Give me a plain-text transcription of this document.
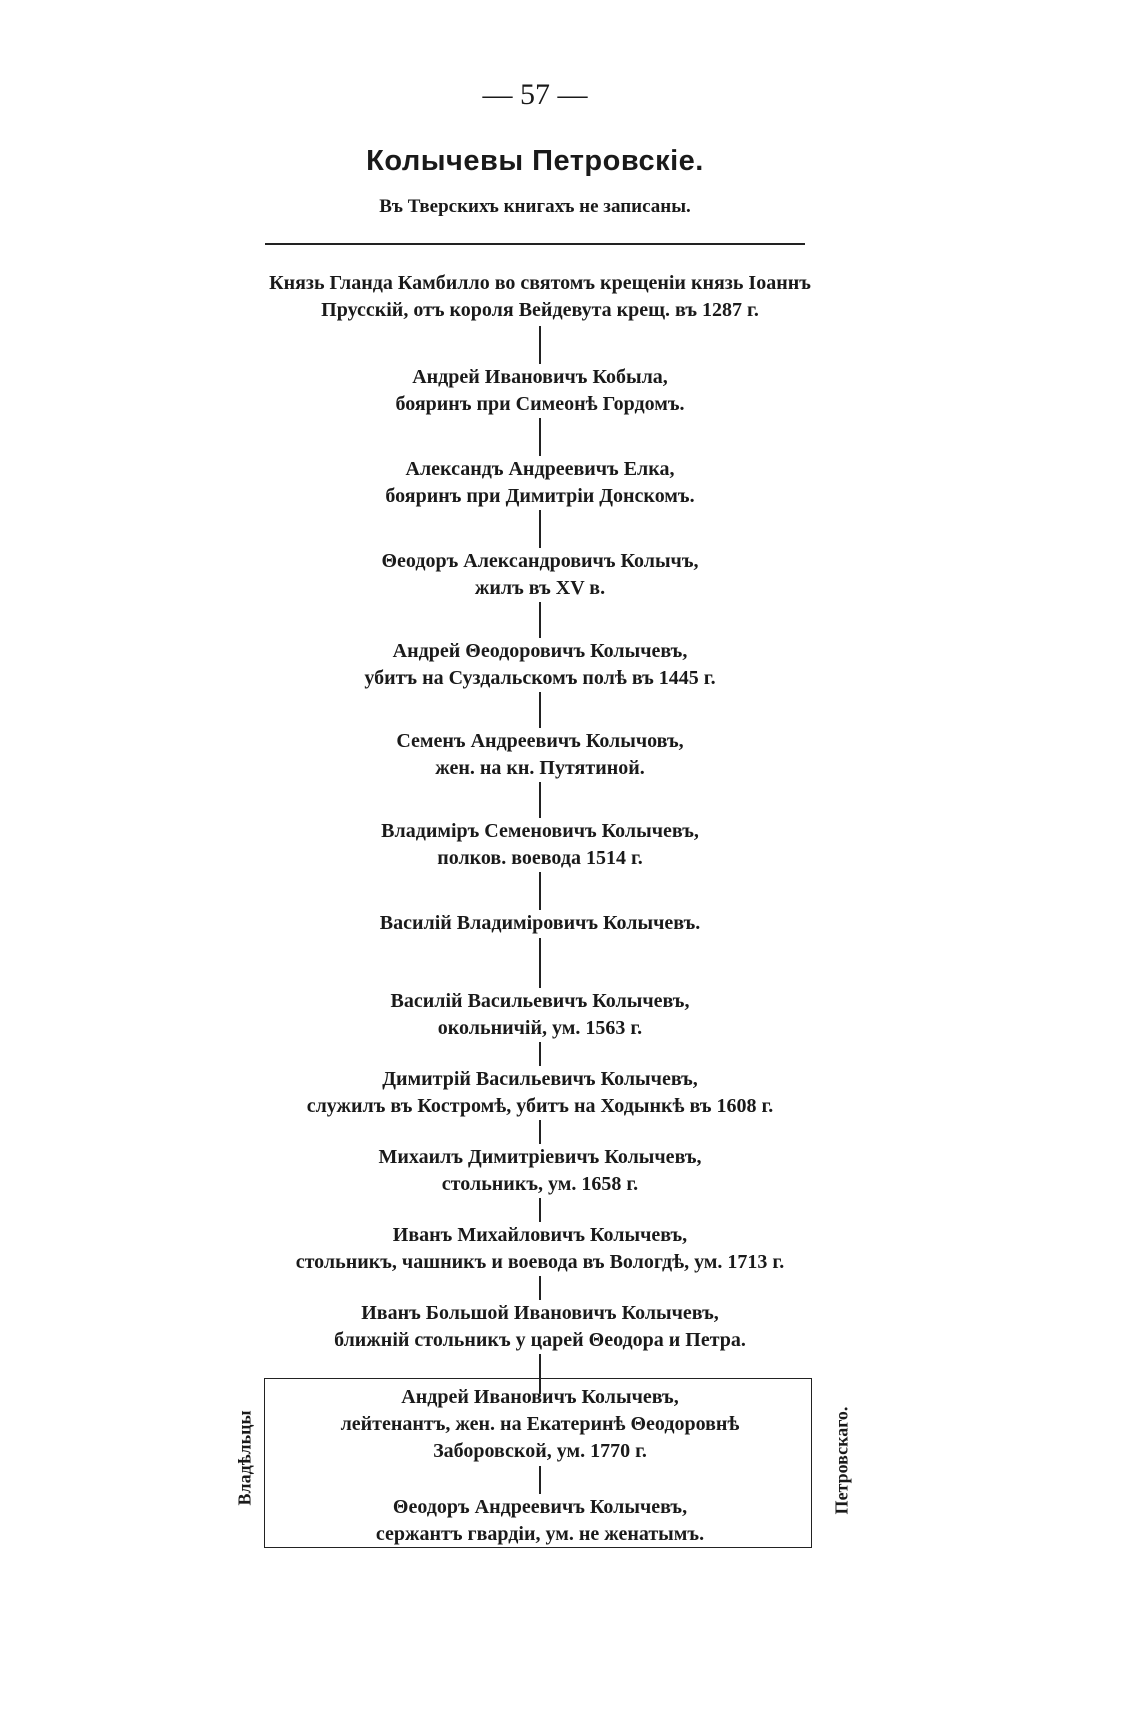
— 57 —
Колычевы Петровскіе.
Въ Тверскихъ книгахъ не записаны.
Князь Гланда Камбилло во святомъ крещеніи князь Іоаннъ
Прусскій, отъ короля Вейдевута крещ. въ 1287 г.
Андрей Ивановичъ Кобыла,
бояринъ при Симеонѣ Гордомъ.
Александъ Андреевичъ Елка,
бояринъ при Димитріи Донскомъ.
Θеодоръ Александровичъ Колычъ,
жилъ въ XV в.
Андрей Θеодоровичъ Колычевъ,
убитъ на Суздальскомъ полѣ въ 1445 г.
Семенъ Андреевичъ Колычовъ,
жен. на кн. Путятиной.
Владиміръ Семеновичъ Колычевъ,
полков. воевода 1514 г.
Василій Владиміровичъ Колычевъ.
Василій Васильевичъ Колычевъ,
окольничій, ум. 1563 г.
Димитрій Васильевичъ Колычевъ,
служилъ въ Костромѣ, убитъ на Ходынкѣ въ 1608 г.
Михаилъ Димитріевичъ Колычевъ,
стольникъ, ум. 1658 г.
Иванъ Михайловичъ Колычевъ,
стольникъ, чашникъ и воевода въ Вологдѣ, ум. 1713 г.
Иванъ Большой Ивановичъ Колычевъ,
ближній стольникъ у царей Θеодора и Петра.
Андрей Ивановичъ Колычевъ,
лейтенантъ, жен. на Екатеринѣ Θеодоровнѣ
Заборовской, ум. 1770 г.
Θеодоръ Андреевичъ Колычевъ,
сержантъ гвардіи, ум. не женатымъ.
Владѣльцы	Петровскаго.
